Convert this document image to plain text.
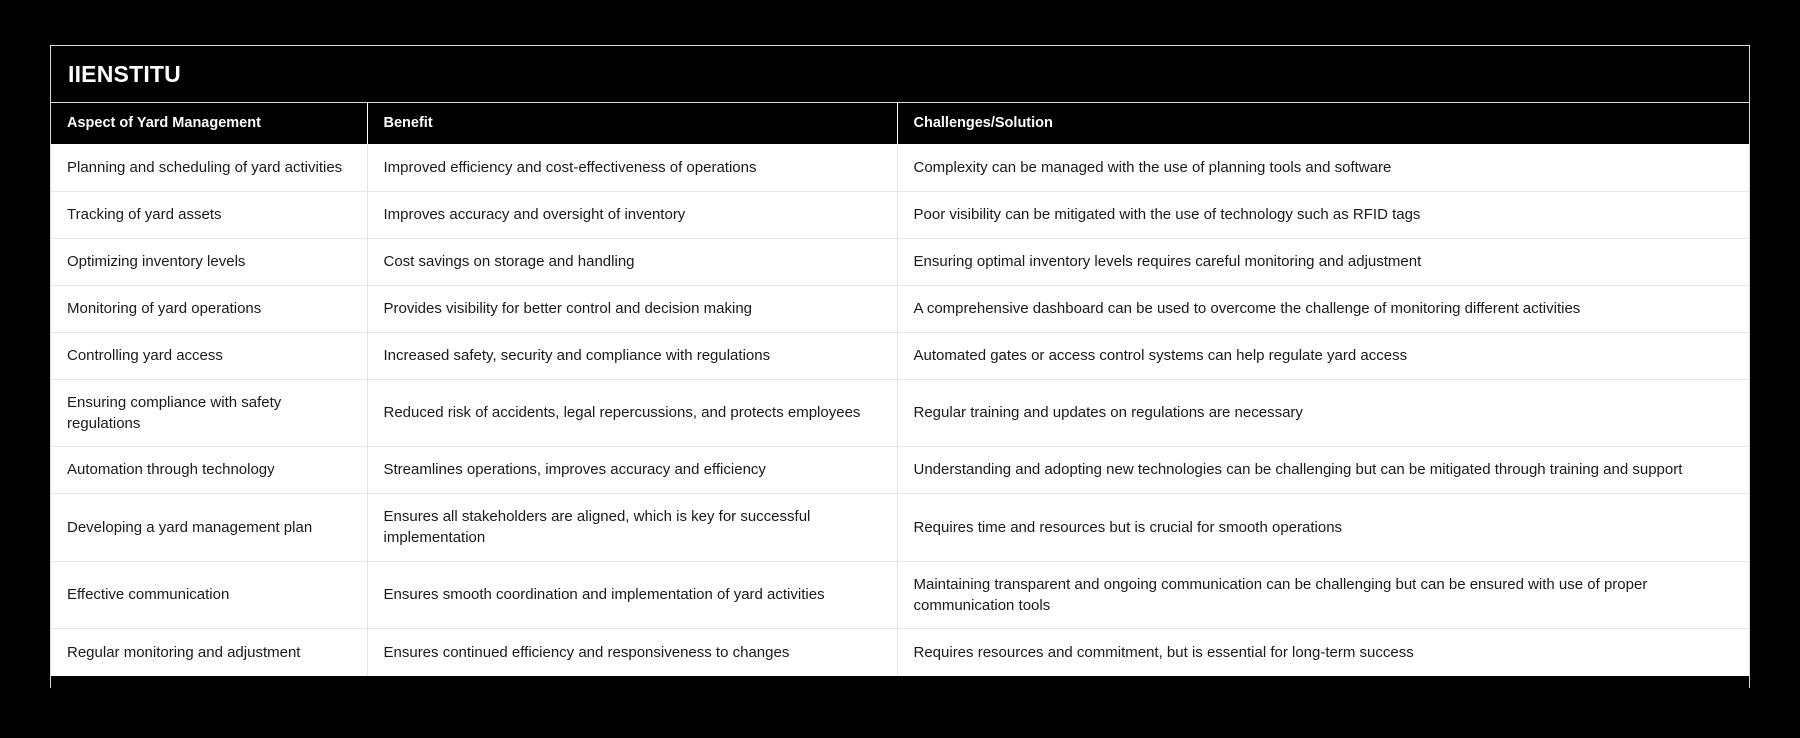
IIENSTITU
Aspect of Yard Management	Benefit	Challenges/Solution
Planning and scheduling of yard activities	Improved efficiency and cost-effectiveness of operations	Complexity can be managed with the use of planning tools and software
Tracking of yard assets	Improves accuracy and oversight of inventory	Poor visibility can be mitigated with the use of technology such as RFID tags
Optimizing inventory levels	Cost savings on storage and handling	Ensuring optimal inventory levels requires careful monitoring and adjustment
Monitoring of yard operations	Provides visibility for better control and decision making	A comprehensive dashboard can be used to overcome the challenge of monitoring different activities
Controlling yard access	Increased safety, security and compliance with regulations	Automated gates or access control systems can help regulate yard access
Ensuring compliance with safety regulations	Reduced risk of accidents, legal repercussions, and protects employees	Regular training and updates on regulations are necessary
Automation through technology	Streamlines operations, improves accuracy and efficiency	Understanding and adopting new technologies can be challenging but can be mitigated through training and support
Developing a yard management plan	Ensures all stakeholders are aligned, which is key for successful implementation	Requires time and resources but is crucial for smooth operations
Effective communication	Ensures smooth coordination and implementation of yard activities	Maintaining transparent and ongoing communication can be challenging but can be ensured with use of proper communication tools
Regular monitoring and adjustment	Ensures continued efficiency and responsiveness to changes	Requires resources and commitment, but is essential for long-term success
